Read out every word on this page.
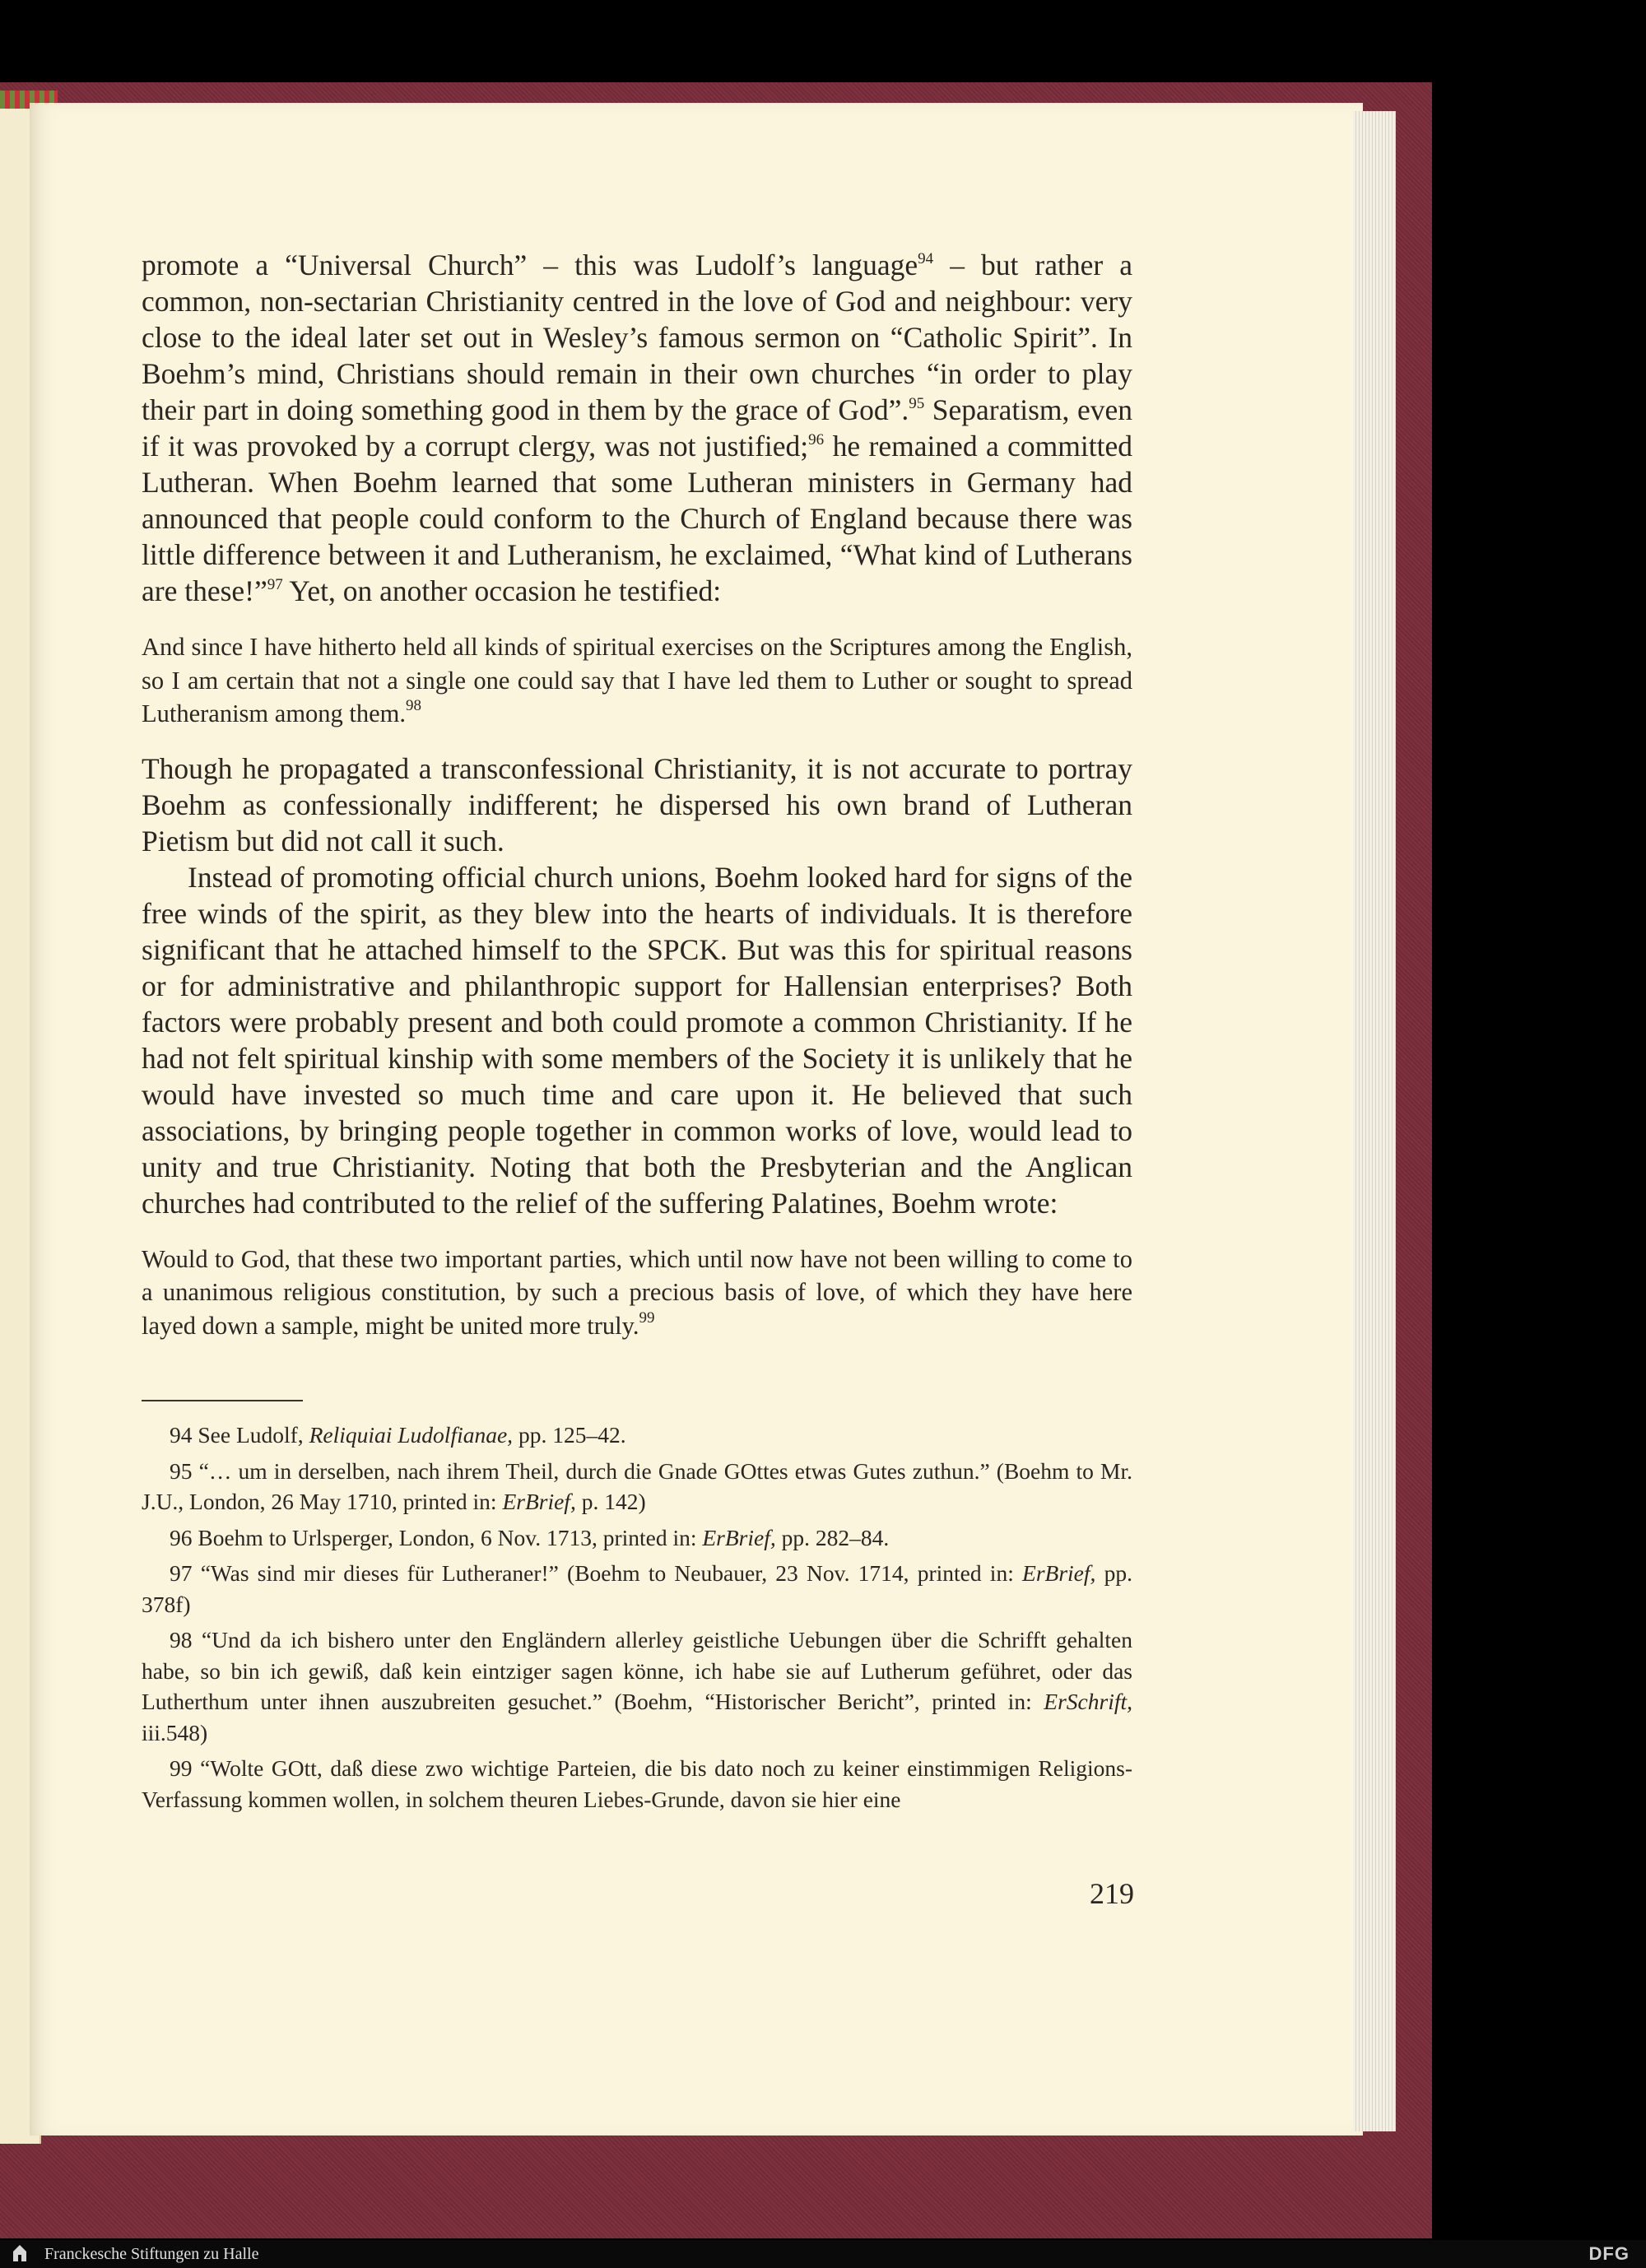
promote a “Universal Church” – this was Ludolf’s language$^{94}$ – but rather a common, non-sectarian Christianity centred in the love of God and neighbour: very close to the ideal later set out in Wesley’s famous sermon on “Catholic Spirit”. In Boehm’s mind, Christians should remain in their own churches “in order to play their part in doing something good in them by the grace of God”.$^{95}$ Separatism, even if it was provoked by a corrupt clergy, was not justified;$^{96}$ he remained a committed Lutheran. When Boehm learned that some Lutheran ministers in Germany had announced that people could conform to the Church of England because there was little difference between it and Lutheranism, he exclaimed, “What kind of Lutherans are these!”$^{97}$ Yet, on another occasion he testified:

And since I have hitherto held all kinds of spiritual exercises on the Scriptures among the English, so I am certain that not a single one could say that I have led them to Luther or sought to spread Lutheranism among them.$^{98}$

Though he propagated a transconfessional Christianity, it is not accurate to portray Boehm as confessionally indifferent; he dispersed his own brand of Lutheran Pietism but did not call it such.

Instead of promoting official church unions, Boehm looked hard for signs of the free winds of the spirit, as they blew into the hearts of individuals. It is therefore significant that he attached himself to the SPCK. But was this for spiritual reasons or for administrative and philanthropic support for Hallensian enterprises? Both factors were probably present and both could promote a common Christianity. If he had not felt spiritual kinship with some members of the Society it is unlikely that he would have invested so much time and care upon it. He believed that such associations, by bringing people together in common works of love, would lead to unity and true Christianity. Noting that both the Presbyterian and the Anglican churches had contributed to the relief of the suffering Palatines, Boehm wrote:

Would to God, that these two important parties, which until now have not been willing to come to a unanimous religious constitution, by such a precious basis of love, of which they have here layed down a sample, might be united more truly.$^{99}$

94 See Ludolf, Reliquiai Ludolfianae, pp. 125–42.

95 “… um in derselben, nach ihrem Theil, durch die Gnade GOttes etwas Gutes zuthun.” (Boehm to Mr. J.U., London, 26 May 1710, printed in: ErBrief, p. 142)

96 Boehm to Urlsperger, London, 6 Nov. 1713, printed in: ErBrief, pp. 282–84.

97 “Was sind mir dieses für Lutheraner!” (Boehm to Neubauer, 23 Nov. 1714, printed in: ErBrief, pp. 378f)

98 “Und da ich bishero unter den Engländern allerley geistliche Uebungen über die Schrifft gehalten habe, so bin ich gewiß, daß kein eintziger sagen könne, ich habe sie auf Lutherum geführet, oder das Lutherthum unter ihnen auszubreiten gesuchet.” (Boehm, “Historischer Bericht”, printed in: ErSchrift, iii.548)

99 “Wolte GOtt, daß diese zwo wichtige Parteien, die bis dato noch zu keiner einstimmigen Religions-Verfassung kommen wollen, in solchem theuren Liebes-Grunde, davon sie hier eine

219
Franckesche Stiftungen zu Halle	DFG
